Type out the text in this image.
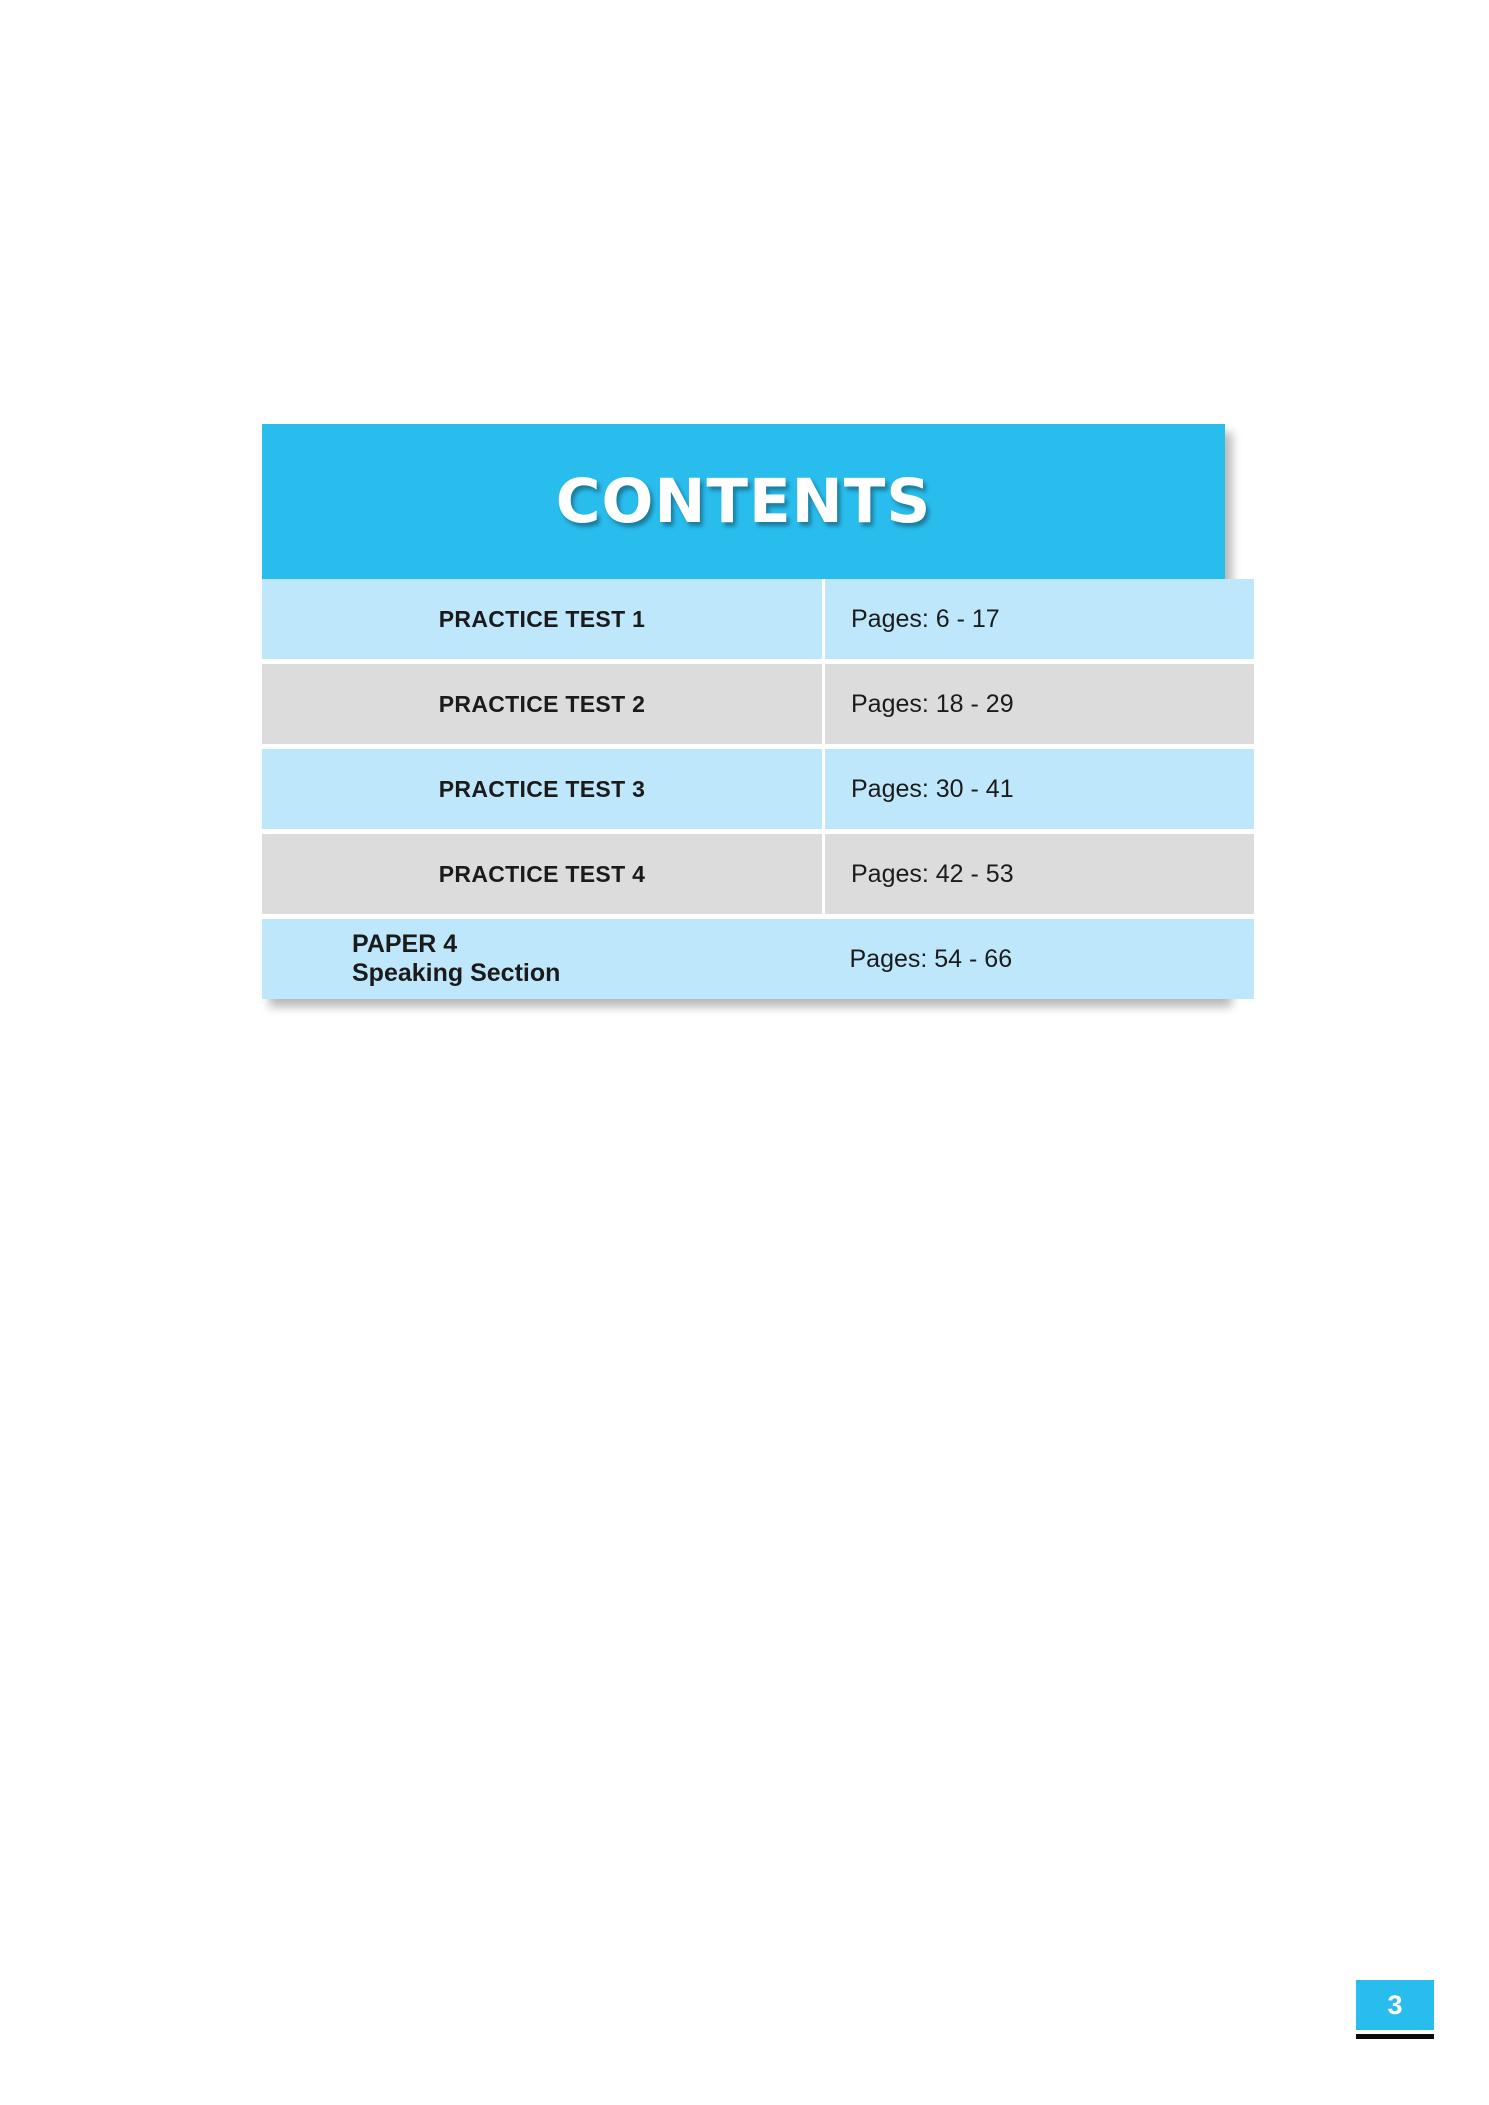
CONTENTS
PRACTICE TEST 1	Pages: 6 - 17

PRACTICE TEST 2	Pages: 18 - 29

PRACTICE TEST 3	Pages: 30 - 41

PRACTICE TEST 4	Pages: 42 - 53

PAPER 4
Speaking Section	Pages: 54 - 66
3
